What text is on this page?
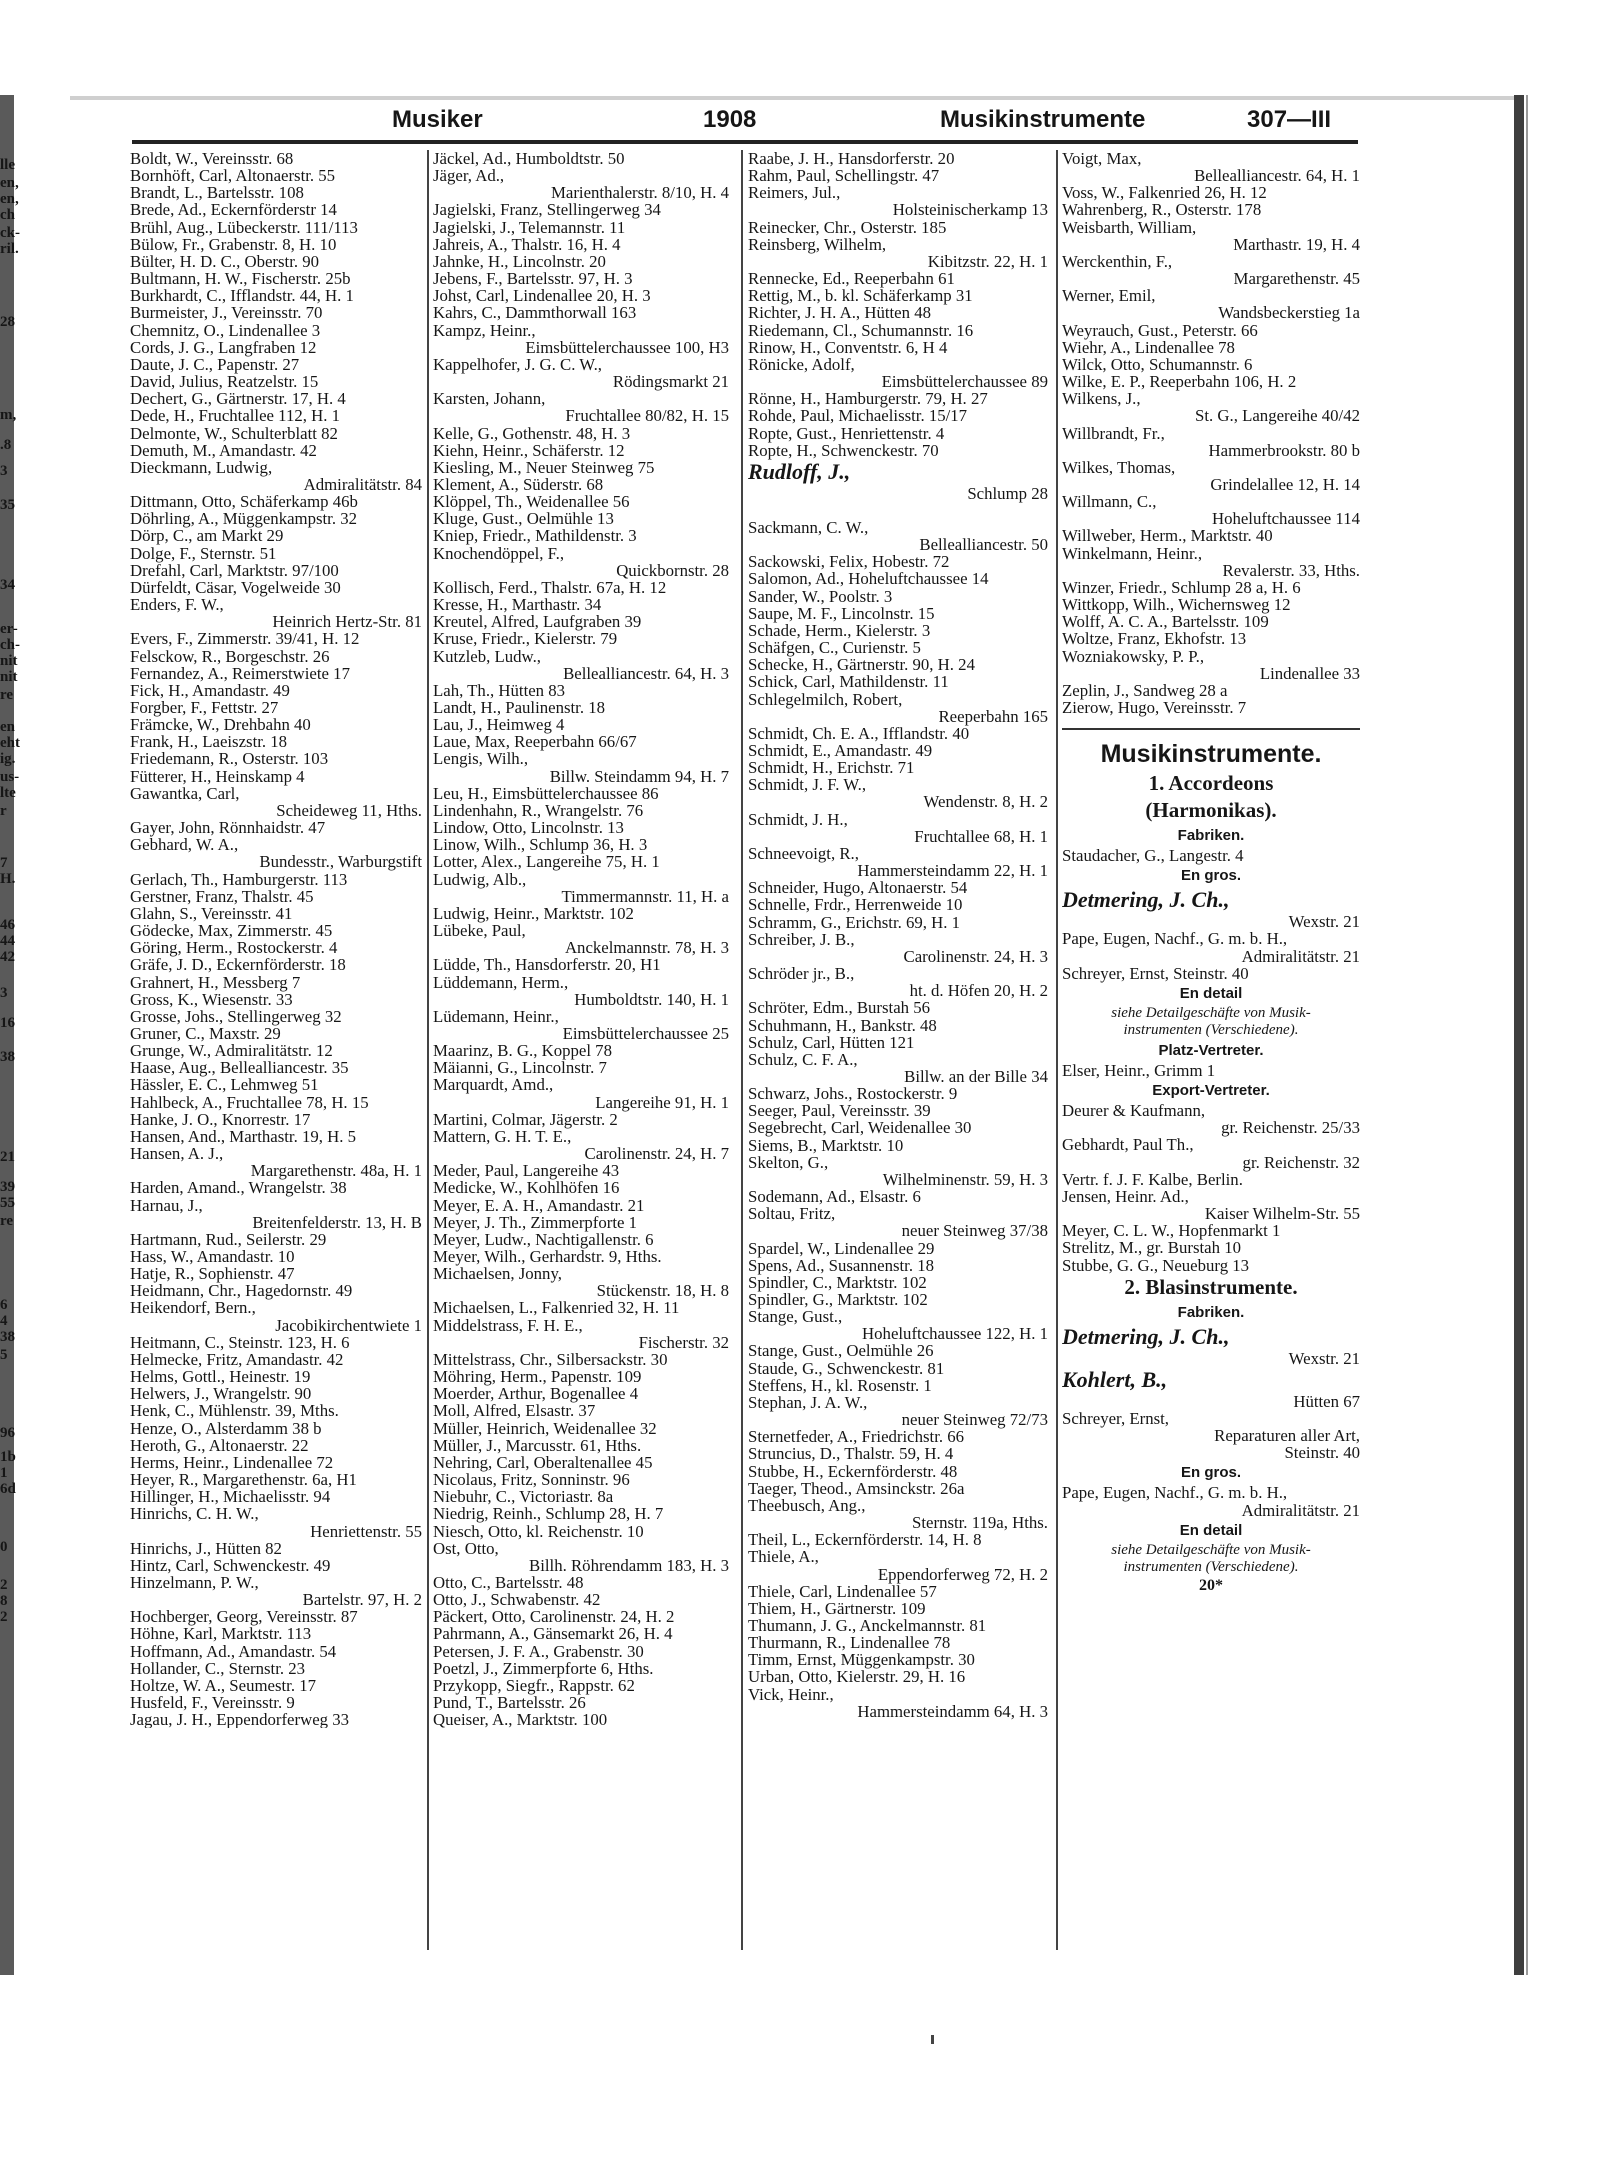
lle
en,
en,
ch
ck-
ril.
28
m,
.8
3
35
34
er-
ch-
nit
nit
re
en
eht
ig.
us-
lte
r
7
H.
46
44
42
3
16
38
21
39
55
re
6
4
38
5
96
1b
1
6d
0
2
8
2
Musiker	1908	Musikinstrumente	307—III
Boldt, W., Vereinsstr. 68
Bornhöft, Carl, Altonaerstr. 55
Brandt, L., Bartelsstr. 108
Brede, Ad., Eckernförderstr 14
Brühl, Aug., Lübeckerstr. 111/113
Bülow, Fr., Grabenstr. 8, H. 10
Bülter, H. D. C., Oberstr. 90
Bultmann, H. W., Fischerstr. 25b
Burkhardt, C., Ifflandstr. 44, H. 1
Burmeister, J., Vereinsstr. 70
Chemnitz, O., Lindenallee 3
Cords, J. G., Langfraben 12
Daute, J. C., Papenstr. 27
David, Julius, Reatzelstr. 15
Dechert, G., Gärtnerstr. 17, H. 4
Dede, H., Fruchtallee 112, H. 1
Delmonte, W., Schulterblatt 82
Demuth, M., Amandastr. 42
Dieckmann, Ludwig,
Admiralitätstr. 84
Dittmann, Otto, Schäferkamp 46b
Döhrling, A., Müggenkampstr. 32
Dörp, C., am Markt 29
Dolge, F., Sternstr. 51
Drefahl, Carl, Marktstr. 97/100
Dürfeldt, Cäsar, Vogelweide 30
Enders, F. W.,
Heinrich Hertz-Str. 81
Evers, F., Zimmerstr. 39/41, H. 12
Felsckow, R., Borgeschstr. 26
Fernandez, A., Reimerstwiete 17
Fick, H., Amandastr. 49
Forgber, F., Fettstr. 27
Främcke, W., Drehbahn 40
Frank, H., Laeiszstr. 18
Friedemann, R., Osterstr. 103
Fütterer, H., Heinskamp 4
Gawantka, Carl,
Scheideweg 11, Hths.
Gayer, John, Rönnhaidstr. 47
Gebhard, W. A.,
Bundesstr., Warburgstift
Gerlach, Th., Hamburgerstr. 113
Gerstner, Franz, Thalstr. 45
Glahn, S., Vereinsstr. 41
Gödecke, Max, Zimmerstr. 45
Göring, Herm., Rostockerstr. 4
Gräfe, J. D., Eckernförderstr. 18
Grahnert, H., Messberg 7
Gross, K., Wiesenstr. 33
Grosse, Johs., Stellingerweg 32
Gruner, C., Maxstr. 29
Grunge, W., Admiralitätstr. 12
Haase, Aug., Bellealliancestr. 35
Hässler, E. C., Lehmweg 51
Hahlbeck, A., Fruchtallee 78, H. 15
Hanke, J. O., Knorrestr. 17
Hansen, And., Marthastr. 19, H. 5
Hansen, A. J.,
Margarethenstr. 48a, H. 1
Harden, Amand., Wrangelstr. 38
Harnau, J.,
Breitenfelderstr. 13, H. B
Hartmann, Rud., Seilerstr. 29
Hass, W., Amandastr. 10
Hatje, R., Sophienstr. 47
Heidmann, Chr., Hagedornstr. 49
Heikendorf, Bern.,
Jacobikirchentwiete 1
Heitmann, C., Steinstr. 123, H. 6
Helmecke, Fritz, Amandastr. 42
Helms, Gottl., Heinestr. 19
Helwers, J., Wrangelstr. 90
Henk, C., Mühlenstr. 39, Mths.
Henze, O., Alsterdamm 38 b
Heroth, G., Altonaerstr. 22
Herms, Heinr., Lindenallee 72
Heyer, R., Margarethenstr. 6a, H1
Hillinger, H., Michaelisstr. 94
Hinrichs, C. H. W.,
Henriettenstr. 55
Hinrichs, J., Hütten 82
Hintz, Carl, Schwenckestr. 49
Hinzelmann, P. W.,
Bartelstr. 97, H. 2
Hochberger, Georg, Vereinsstr. 87
Höhne, Karl, Marktstr. 113
Hoffmann, Ad., Amandastr. 54
Hollander, C., Sternstr. 23
Holtze, W. A., Seumestr. 17
Husfeld, F., Vereinsstr. 9
Jagau, J. H., Eppendorferweg 33
Jäckel, Ad., Humboldtstr. 50
Jäger, Ad.,
Marienthalerstr. 8/10, H. 4
Jagielski, Franz, Stellingerweg 34
Jagielski, J., Telemannstr. 11
Jahreis, A., Thalstr. 16, H. 4
Jahnke, H., Lincolnstr. 20
Jebens, F., Bartelsstr. 97, H. 3
Johst, Carl, Lindenallee 20, H. 3
Kahrs, C., Dammthorwall 163
Kampz, Heinr.,
Eimsbüttelerchaussee 100, H3
Kappelhofer, J. G. C. W.,
Rödingsmarkt 21
Karsten, Johann,
Fruchtallee 80/82, H. 15
Kelle, G., Gothenstr. 48, H. 3
Kiehn, Heinr., Schäferstr. 12
Kiesling, M., Neuer Steinweg 75
Klement, A., Süderstr. 68
Klöppel, Th., Weidenallee 56
Kluge, Gust., Oelmühle 13
Kniep, Friedr., Mathildenstr. 3
Knochendöppel, F.,
Quickbornstr. 28
Kollisch, Ferd., Thalstr. 67a, H. 12
Kresse, H., Marthastr. 34
Kreutel, Alfred, Laufgraben 39
Kruse, Friedr., Kielerstr. 79
Kutzleb, Ludw.,
Bellealliancestr. 64, H. 3
Lah, Th., Hütten 83
Landt, H., Paulinenstr. 18
Lau, J., Heimweg 4
Laue, Max, Reeperbahn 66/67
Lengis, Wilh.,
Billw. Steindamm 94, H. 7
Leu, H., Eimsbüttelerchaussee 86
Lindenhahn, R., Wrangelstr. 76
Lindow, Otto, Lincolnstr. 13
Linow, Wilh., Schlump 36, H. 3
Lotter, Alex., Langereihe 75, H. 1
Ludwig, Alb.,
Timmermannstr. 11, H. a
Ludwig, Heinr., Marktstr. 102
Lübeke, Paul,
Anckelmannstr. 78, H. 3
Lüdde, Th., Hansdorferstr. 20, H1
Lüddemann, Herm.,
Humboldtstr. 140, H. 1
Lüdemann, Heinr.,
Eimsbüttelerchaussee 25
Maarinz, B. G., Koppel 78
Mäianni, G., Lincolnstr. 7
Marquardt, Amd.,
Langereihe 91, H. 1
Martini, Colmar, Jägerstr. 2
Mattern, G. H. T. E.,
Carolinenstr. 24, H. 7
Meder, Paul, Langereihe 43
Medicke, W., Kohlhöfen 16
Meyer, E. A. H., Amandastr. 21
Meyer, J. Th., Zimmerpforte 1
Meyer, Ludw., Nachtigallenstr. 6
Meyer, Wilh., Gerhardstr. 9, Hths.
Michaelsen, Jonny,
Stückenstr. 18, H. 8
Michaelsen, L., Falkenried 32, H. 11
Middelstrass, F. H. E.,
Fischerstr. 32
Mittelstrass, Chr., Silbersackstr. 30
Möhring, Herm., Papenstr. 109
Moerder, Arthur, Bogenallee 4
Moll, Alfred, Elsastr. 37
Müller, Heinrich, Weidenallee 32
Müller, J., Marcusstr. 61, Hths.
Nehring, Carl, Oberaltenallee 45
Nicolaus, Fritz, Sonninstr. 96
Niebuhr, C., Victoriastr. 8a
Niedrig, Reinh., Schlump 28, H. 7
Niesch, Otto, kl. Reichenstr. 10
Ost, Otto,
Billh. Röhrendamm 183, H. 3
Otto, C., Bartelsstr. 48
Otto, J., Schwabenstr. 42
Päckert, Otto, Carolinenstr. 24, H. 2
Pahrmann, A., Gänsemarkt 26, H. 4
Petersen, J. F. A., Grabenstr. 30
Poetzl, J., Zimmerpforte 6, Hths.
Przykopp, Siegfr., Rappstr. 62
Pund, T., Bartelsstr. 26
Queiser, A., Marktstr. 100
Raabe, J. H., Hansdorferstr. 20
Rahm, Paul, Schellingstr. 47
Reimers, Jul.,
Holsteinischerkamp 13
Reinecker, Chr., Osterstr. 185
Reinsberg, Wilhelm,
Kibitzstr. 22, H. 1
Rennecke, Ed., Reeperbahn 61
Rettig, M., b. kl. Schäferkamp 31
Richter, J. H. A., Hütten 48
Riedemann, Cl., Schumannstr. 16
Rinow, H., Conventstr. 6, H 4
Rönicke, Adolf,
Eimsbüttelerchaussee 89
Rönne, H., Hamburgerstr. 79, H. 27
Rohde, Paul, Michaelisstr. 15/17
Ropte, Gust., Henriettenstr. 4
Ropte, H., Schwenckestr. 70
Rudloff, J.,
Schlump 28
Sackmann, C. W.,
Bellealliancestr. 50
Sackowski, Felix, Hobestr. 72
Salomon, Ad., Hoheluftchaussee 14
Sander, W., Poolstr. 3
Saupe, M. F., Lincolnstr. 15
Schade, Herm., Kielerstr. 3
Schäfgen, C., Curienstr. 5
Schecke, H., Gärtnerstr. 90, H. 24
Schick, Carl, Mathildenstr. 11
Schlegelmilch, Robert,
Reeperbahn 165
Schmidt, Ch. E. A., Ifflandstr. 40
Schmidt, E., Amandastr. 49
Schmidt, H., Erichstr. 71
Schmidt, J. F. W.,
Wendenstr. 8, H. 2
Schmidt, J. H.,
Fruchtallee 68, H. 1
Schneevoigt, R.,
Hammersteindamm 22, H. 1
Schneider, Hugo, Altonaerstr. 54
Schnelle, Frdr., Herrenweide 10
Schramm, G., Erichstr. 69, H. 1
Schreiber, J. B.,
Carolinenstr. 24, H. 3
Schröder jr., B.,
ht. d. Höfen 20, H. 2
Schröter, Edm., Burstah 56
Schuhmann, H., Bankstr. 48
Schulz, Carl, Hütten 121
Schulz, C. F. A.,
Billw. an der Bille 34
Schwarz, Johs., Rostockerstr. 9
Seeger, Paul, Vereinsstr. 39
Segebrecht, Carl, Weidenallee 30
Siems, B., Marktstr. 10
Skelton, G.,
Wilhelminenstr. 59, H. 3
Sodemann, Ad., Elsastr. 6
Soltau, Fritz,
neuer Steinweg 37/38
Spardel, W., Lindenallee 29
Spens, Ad., Susannenstr. 18
Spindler, C., Marktstr. 102
Spindler, G., Marktstr. 102
Stange, Gust.,
Hoheluftchaussee 122, H. 1
Stange, Gust., Oelmühle 26
Staude, G., Schwenckestr. 81
Steffens, H., kl. Rosenstr. 1
Stephan, J. A. W.,
neuer Steinweg 72/73
Sternetfeder, A., Friedrichstr. 66
Struncius, D., Thalstr. 59, H. 4
Stubbe, H., Eckernförderstr. 48
Taeger, Theod., Amsinckstr. 26a
Theebusch, Ang.,
Sternstr. 119a, Hths.
Theil, L., Eckernförderstr. 14, H. 8
Thiele, A.,
Eppendorferweg 72, H. 2
Thiele, Carl, Lindenallee 57
Thiem, H., Gärtnerstr. 109
Thumann, J. G., Anckelmannstr. 81
Thurmann, R., Lindenallee 78
Timm, Ernst, Müggenkampstr. 30
Urban, Otto, Kielerstr. 29, H. 16
Vick, Heinr.,
Hammersteindamm 64, H. 3
Voigt, Max,
Bellealliancestr. 64, H. 1
Voss, W., Falkenried 26, H. 12
Wahrenberg, R., Osterstr. 178
Weisbarth, William,
Marthastr. 19, H. 4
Werckenthin, F.,
Margarethenstr. 45
Werner, Emil,
Wandsbeckerstieg 1a
Weyrauch, Gust., Peterstr. 66
Wiehr, A., Lindenallee 78
Wilck, Otto, Schumannstr. 6
Wilke, E. P., Reeperbahn 106, H. 2
Wilkens, J.,
St. G., Langereihe 40/42
Willbrandt, Fr.,
Hammerbrookstr. 80 b
Wilkes, Thomas,
Grindelallee 12, H. 14
Willmann, C.,
Hoheluftchaussee 114
Willweber, Herm., Marktstr. 40
Winkelmann, Heinr.,
Revalerstr. 33, Hths.
Winzer, Friedr., Schlump 28 a, H. 6
Wittkopp, Wilh., Wichernsweg 12
Wolff, A. C. A., Bartelsstr. 109
Woltze, Franz, Ekhofstr. 13
Wozniakowsky, P. P.,
Lindenallee 33
Zeplin, J., Sandweg 28 a
Zierow, Hugo, Vereinsstr. 7
Musikinstrumente.
1. Accordeons
(Harmonikas).
Fabriken.
Staudacher, G., Langestr. 4
En gros.
Detmering, J. Ch.,
Wexstr. 21
Pape, Eugen, Nachf., G. m. b. H.,
Admiralitätstr. 21
Schreyer, Ernst, Steinstr. 40
En detail
siehe Detailgeschäfte von Musik-
instrumenten (Verschiedene).
Platz-Vertreter.
Elser, Heinr., Grimm 1
Export-Vertreter.
Deurer & Kaufmann,
gr. Reichenstr. 25/33
Gebhardt, Paul Th.,
gr. Reichenstr. 32
Vertr. f. J. F. Kalbe, Berlin.
Jensen, Heinr. Ad.,
Kaiser Wilhelm-Str. 55
Meyer, C. L. W., Hopfenmarkt 1
Strelitz, M., gr. Burstah 10
Stubbe, G. G., Neueburg 13
2. Blasinstrumente.
Fabriken.
Detmering, J. Ch.,
Wexstr. 21
Kohlert, B.,
Hütten 67
Schreyer, Ernst,
Reparaturen aller Art,
Steinstr. 40
En gros.
Pape, Eugen, Nachf., G. m. b. H.,
Admiralitätstr. 21
En detail
siehe Detailgeschäfte von Musik-
instrumenten (Verschiedene).
20*
